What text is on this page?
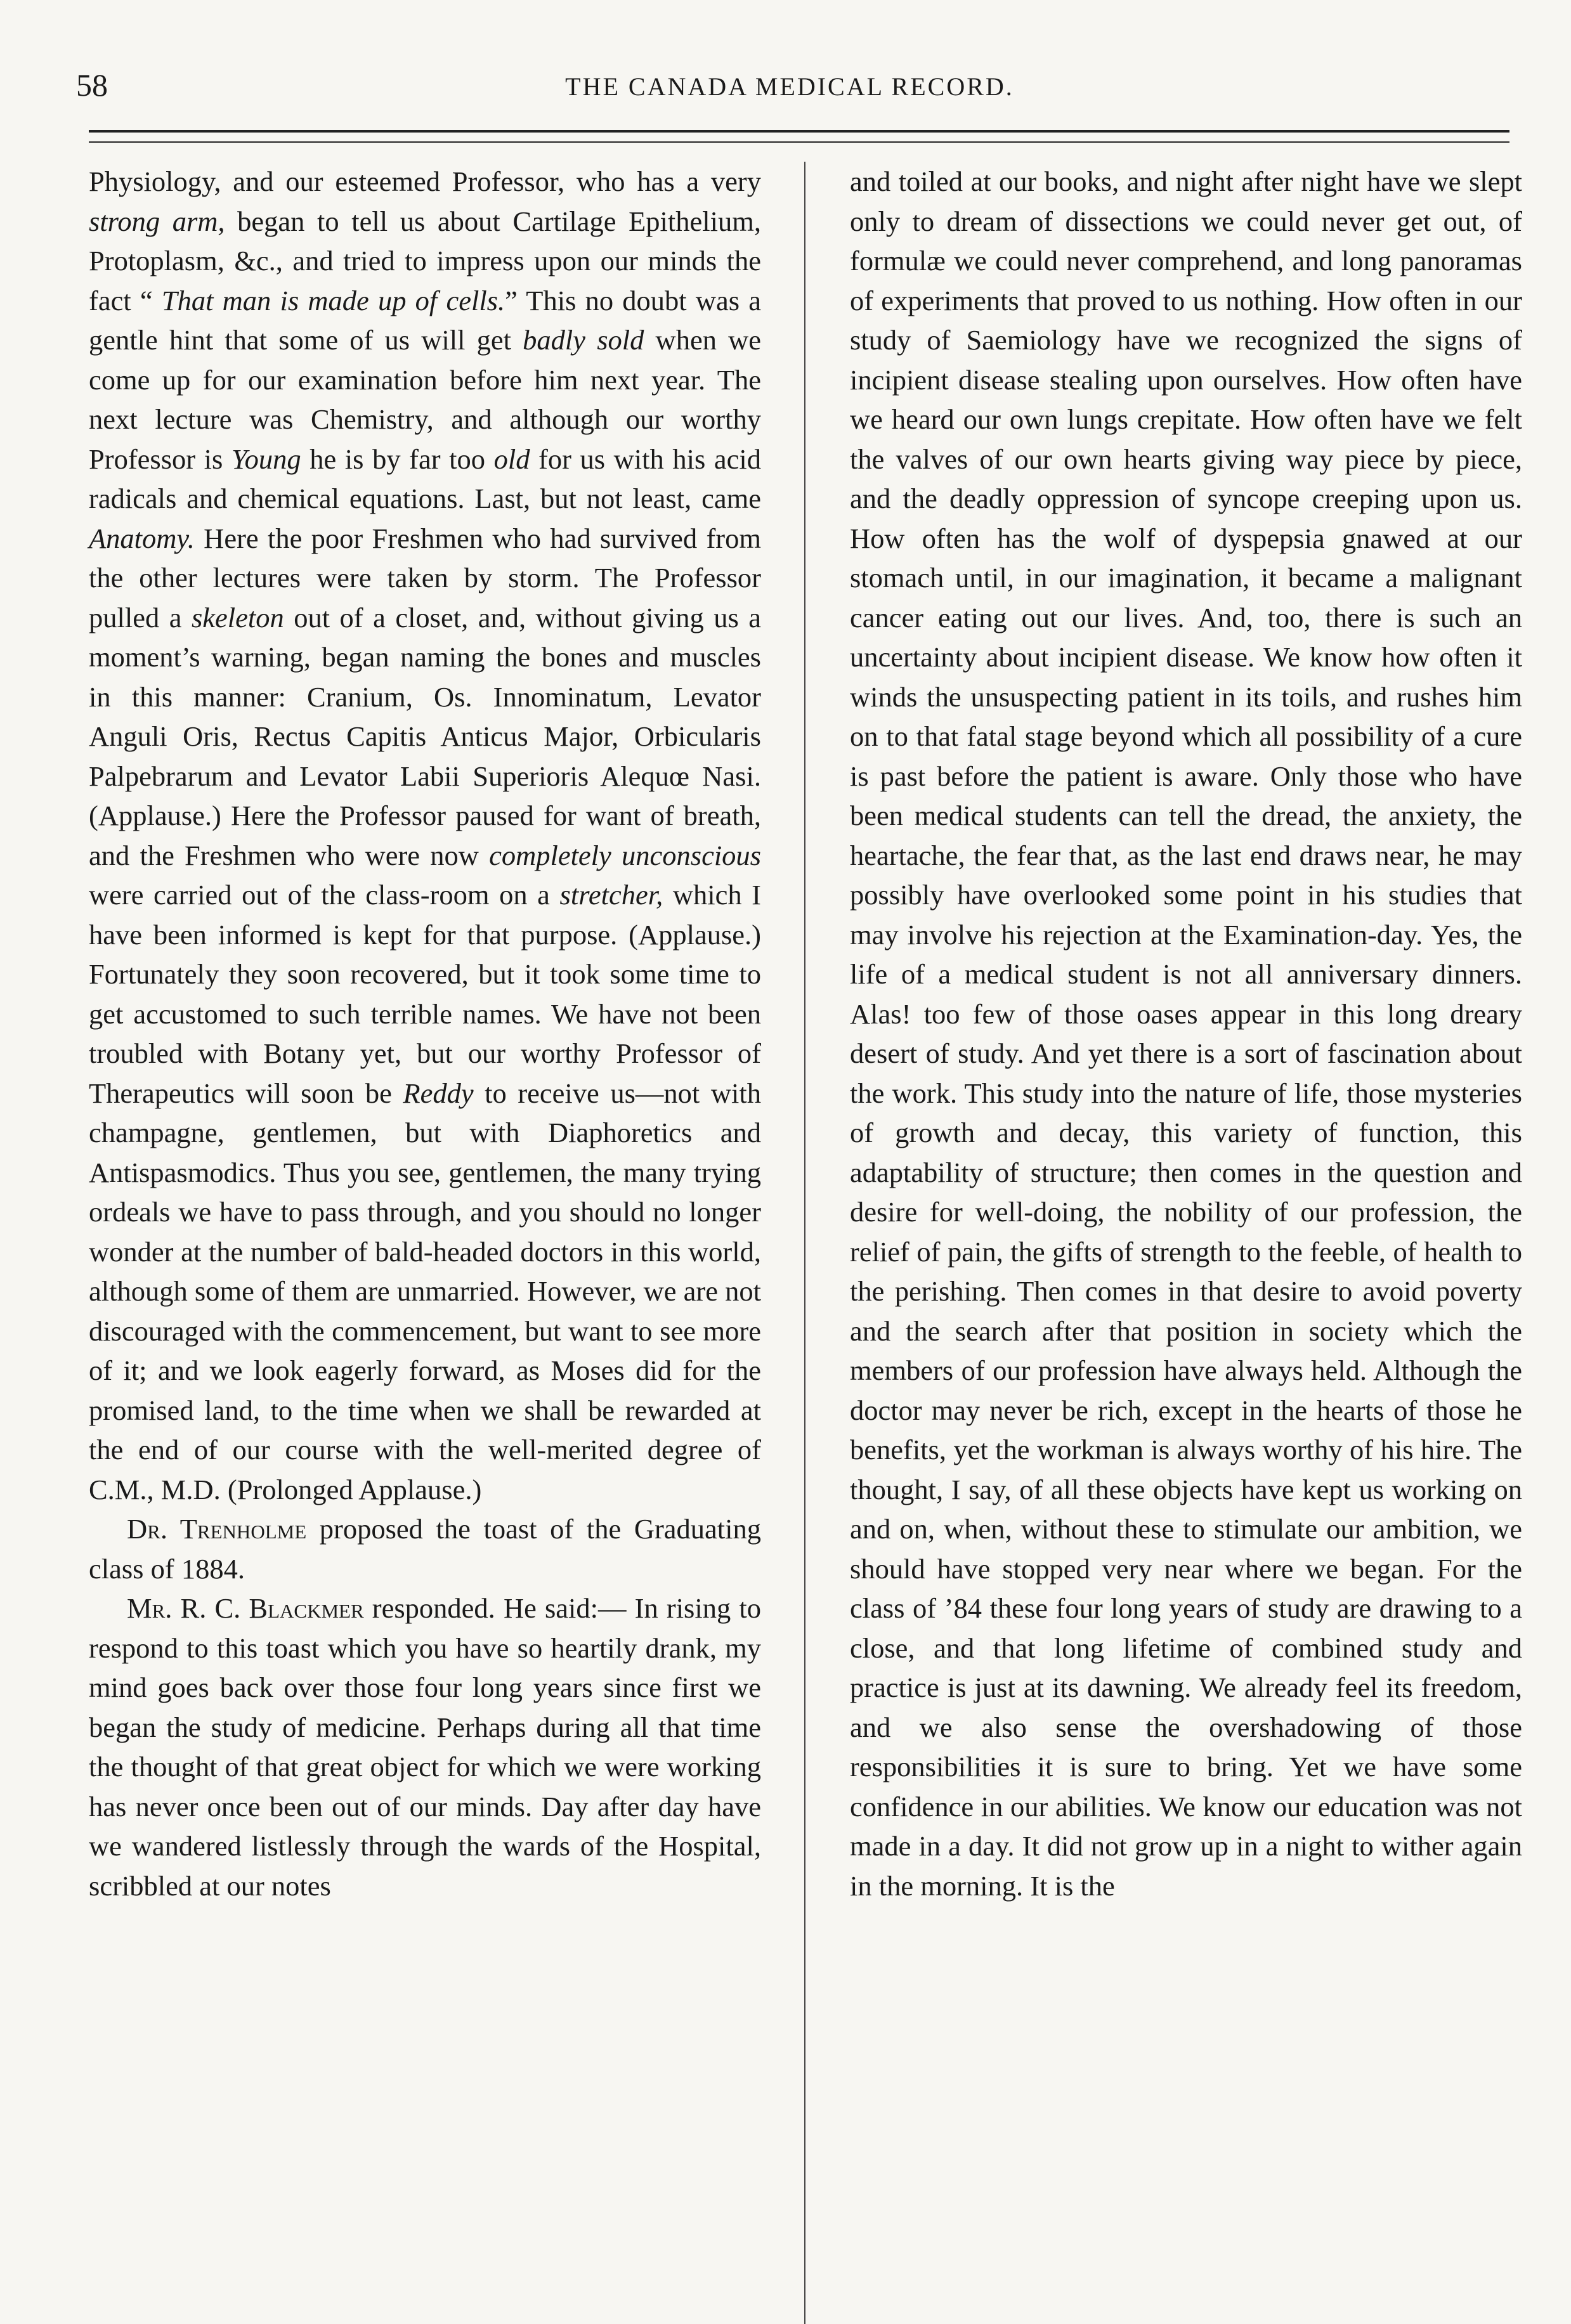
58	THE CANADA MEDICAL RECORD.

Physiology, and our esteemed Professor, who has a very strong arm, began to tell us about Cartilage Epithelium, Protoplasm, &c., and tried to impress upon our minds the fact “ That man is made up of cells.” This no doubt was a gentle hint that some of us will get badly sold when we come up for our examination before him next year. The next lecture was Chemistry, and although our worthy Professor is Young he is by far too old for us with his acid radicals and chemical equations. Last, but not least, came Anatomy. Here the poor Freshmen who had survived from the other lectures were taken by storm. The Professor pulled a skeleton out of a closet, and, without giving us a moment’s warning, began naming the bones and muscles in this manner: Cranium, Os. Innominatum, Levator Anguli Oris, Rectus Capitis Anticus Major, Orbicularis Palpebrarum and Levator Labii Superioris Alequœ Nasi. (Applause.) Here the Professor paused for want of breath, and the Freshmen who were now completely unconscious were carried out of the class-room on a stretcher, which I have been informed is kept for that purpose. (Applause.) Fortunately they soon recovered, but it took some time to get accustomed to such terrible names. We have not been troubled with Botany yet, but our worthy Professor of Therapeutics will soon be Reddy to receive us—not with champagne, gentlemen, but with Diaphoretics and Antispasmodics. Thus you see, gentlemen, the many trying ordeals we have to pass through, and you should no longer wonder at the number of bald-headed doctors in this world, although some of them are unmarried. However, we are not discouraged with the commencement, but want to see more of it; and we look eagerly forward, as Moses did for the promised land, to the time when we shall be rewarded at the end of our course with the well-merited degree of C.M., M.D. (Prolonged Applause.)

Dr. Trenholme proposed the toast of the Graduating class of 1884.

Mr. R. C. Blackmer responded. He said:— In rising to respond to this toast which you have so heartily drank, my mind goes back over those four long years since first we began the study of medicine. Perhaps during all that time the thought of that great object for which we were working has never once been out of our minds. Day after day have we wandered listlessly through the wards of the Hospital, scribbled at our notes

and toiled at our books, and night after night have we slept only to dream of dissections we could never get out, of formulæ we could never comprehend, and long panoramas of experiments that proved to us nothing. How often in our study of Saemiology have we recognized the signs of incipient disease stealing upon ourselves. How often have we heard our own lungs crepitate. How often have we felt the valves of our own hearts giving way piece by piece, and the deadly oppression of syncope creeping upon us. How often has the wolf of dyspepsia gnawed at our stomach until, in our imagination, it became a malignant cancer eating out our lives. And, too, there is such an uncertainty about incipient disease. We know how often it winds the unsuspecting patient in its toils, and rushes him on to that fatal stage beyond which all possibility of a cure is past before the patient is aware. Only those who have been medical students can tell the dread, the anxiety, the heartache, the fear that, as the last end draws near, he may possibly have overlooked some point in his studies that may involve his rejection at the Examination-day. Yes, the life of a medical student is not all anniversary dinners. Alas! too few of those oases appear in this long dreary desert of study. And yet there is a sort of fascination about the work. This study into the nature of life, those mysteries of growth and decay, this variety of function, this adaptability of structure; then comes in the question and desire for well-doing, the nobility of our profession, the relief of pain, the gifts of strength to the feeble, of health to the perishing. Then comes in that desire to avoid poverty and the search after that position in society which the members of our profession have always held. Although the doctor may never be rich, except in the hearts of those he benefits, yet the workman is always worthy of his hire. The thought, I say, of all these objects have kept us working on and on, when, without these to stimulate our ambition, we should have stopped very near where we began. For the class of ’84 these four long years of study are drawing to a close, and that long lifetime of combined study and practice is just at its dawning. We already feel its freedom, and we also sense the overshadowing of those responsibilities it is sure to bring. Yet we have some confidence in our abilities. We know our education was not made in a day. It did not grow up in a night to wither again in the morning. It is the
